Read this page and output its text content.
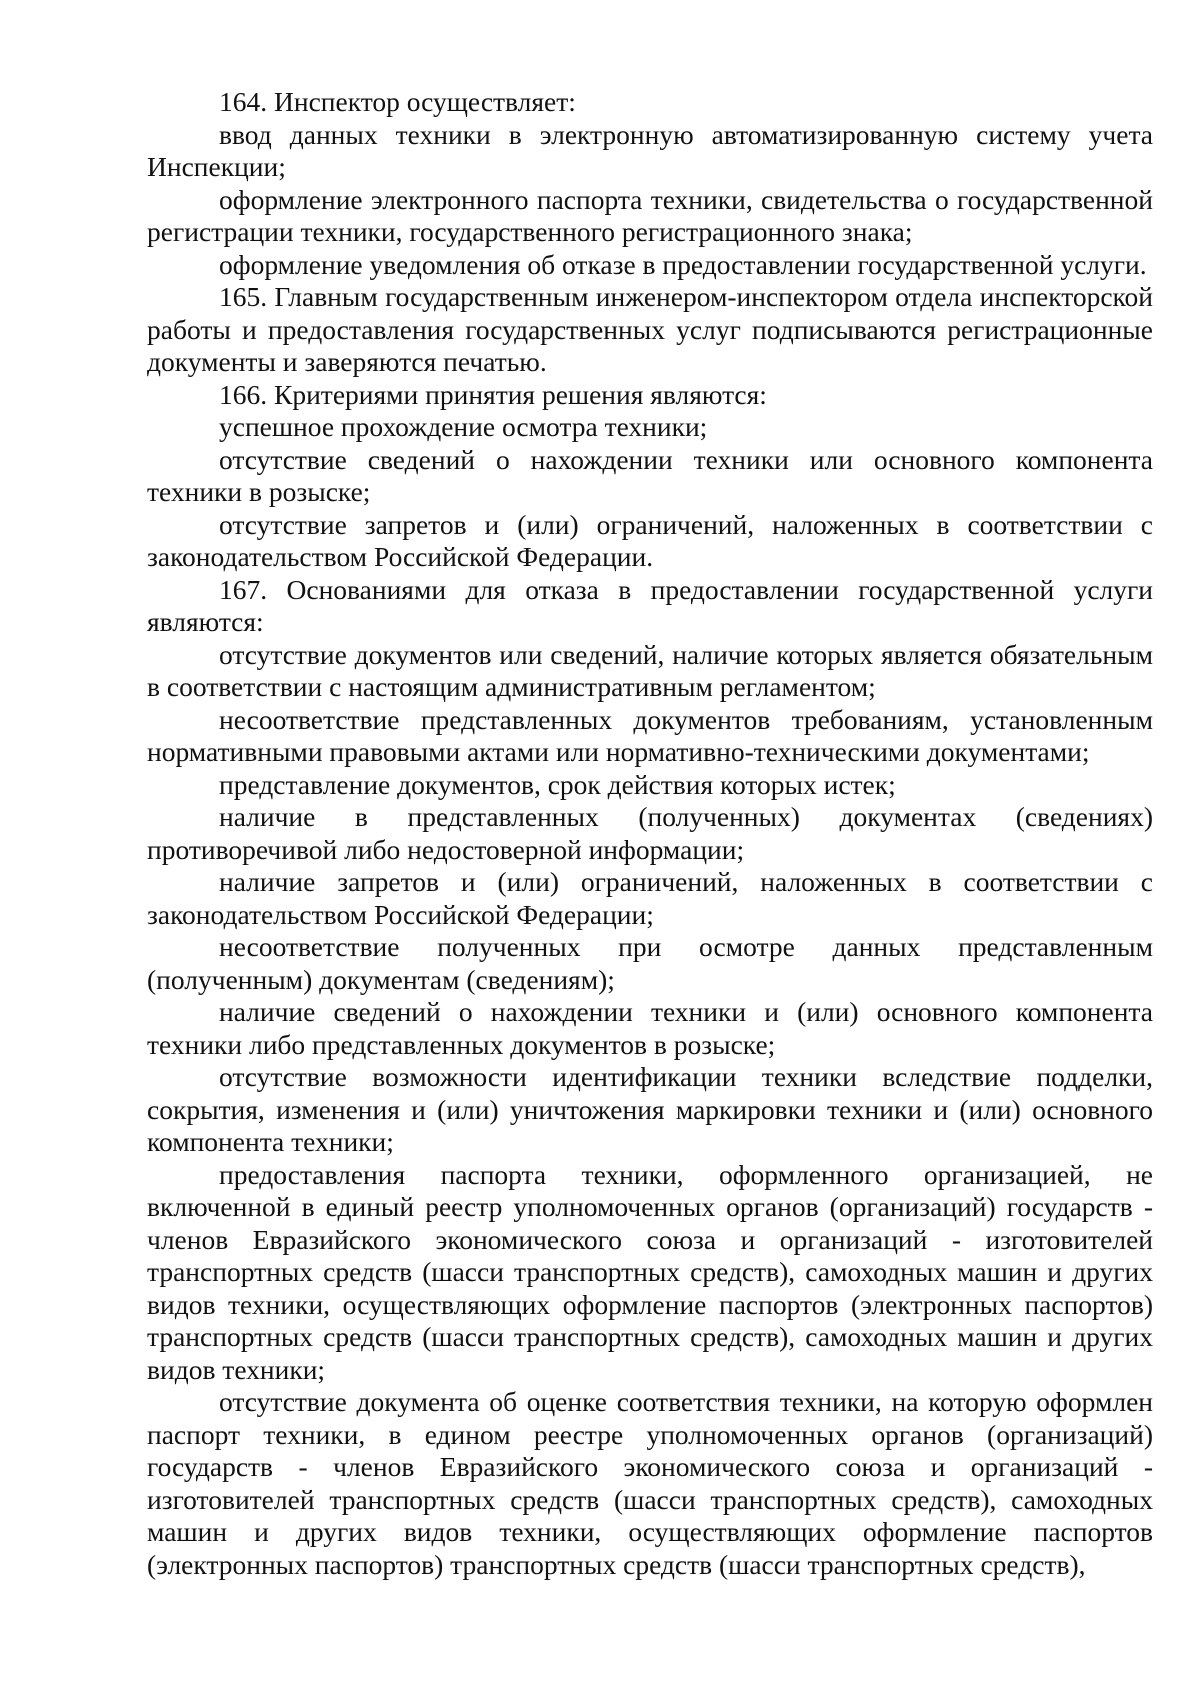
164. Инспектор осуществляет:

ввод данных техники в электронную автоматизированную систему учета Инспекции;

оформление электронного паспорта техники, свидетельства о государственной регистрации техники, государственного регистрационного знака;

оформление уведомления об отказе в предоставлении государственной услуги.

165. Главным государственным инженером-инспектором отдела инспекторской работы и предоставления государственных услуг подписываются регистрационные документы и заверяются печатью.

166. Критериями принятия решения являются:

успешное прохождение осмотра техники;

отсутствие сведений о нахождении техники или основного компонента техники в розыске;

отсутствие запретов и (или) ограничений, наложенных в соответствии с законодательством Российской Федерации.

167. Основаниями для отказа в предоставлении государственной услуги являются:

отсутствие документов или сведений, наличие которых является обязательным в соответствии с настоящим административным регламентом;

несоответствие представленных документов требованиям, установленным нормативными правовыми актами или нормативно-техническими документами;

представление документов, срок действия которых истек;

наличие в представленных (полученных) документах (сведениях) противоречивой либо недостоверной информации;

наличие запретов и (или) ограничений, наложенных в соответствии с законодательством Российской Федерации;

несоответствие полученных при осмотре данных представленным (полученным) документам (сведениям);

наличие сведений о нахождении техники и (или) основного компонента техники либо представленных документов в розыске;

отсутствие возможности идентификации техники вследствие подделки, сокрытия, изменения и (или) уничтожения маркировки техники и (или) основного компонента техники;

предоставления паспорта техники, оформленного организацией, не включенной в единый реестр уполномоченных органов (организаций) государств - членов Евразийского экономического союза и организаций - изготовителей транспортных средств (шасси транспортных средств), самоходных машин и других видов техники, осуществляющих оформление паспортов (электронных паспортов) транспортных средств (шасси транспортных средств), самоходных машин и других видов техники;

отсутствие документа об оценке соответствия техники, на которую оформлен паспорт техники, в едином реестре уполномоченных органов (организаций) государств - членов Евразийского экономического союза и организаций - изготовителей транспортных средств (шасси транспортных средств), самоходных машин и других видов техники, осуществляющих оформление паспортов (электронных паспортов) транспортных средств (шасси транспортных средств),
